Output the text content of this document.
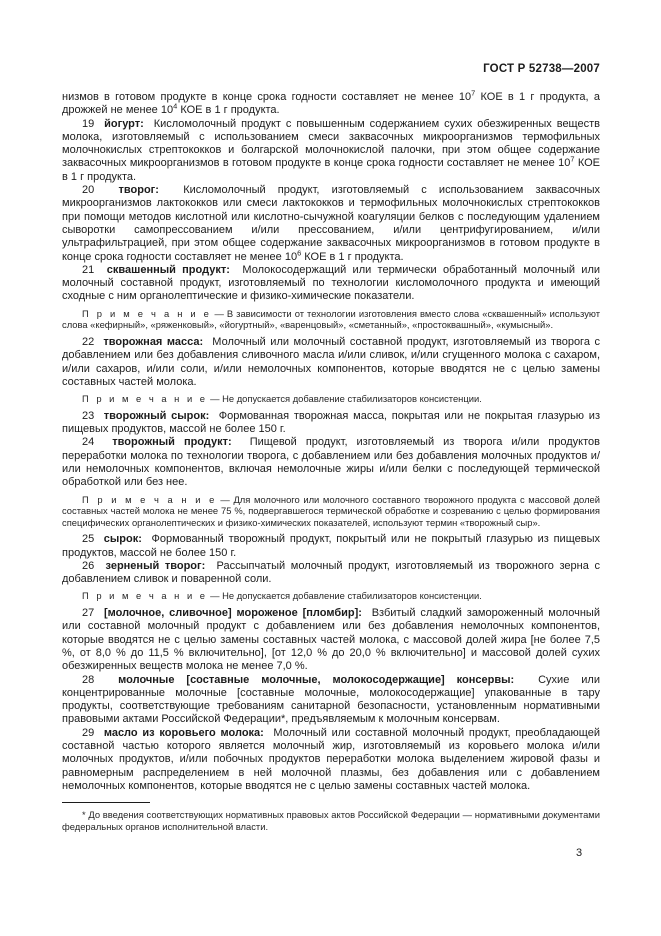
ГОСТ Р 52738—2007

низмов в готовом продукте в конце срока годности составляет не менее $10^7$ КОЕ в 1 г продукта, а дрожжей не менее $10^4$ КОЕ в 1 г продукта.

19  йогурт:  Кисломолочный продукт с повышенным содержанием сухих обезжиренных веществ молока, изготовляемый с использованием смеси заквасочных микроорганизмов термофильных молочнокислых стрептококков и болгарской молочнокислой палочки, при этом общее содержание заквасочных микроорганизмов в готовом продукте в конце срока годности составляет не менее $10^7$ КОЕ в 1 г продукта.

20  творог:  Кисломолочный продукт, изготовляемый с использованием заквасочных микроорганизмов лактококков или смеси лактококков и термофильных молочнокислых стрептококков при помощи методов кислотной или кислотно-сычужной коагуляции белков с последующим удалением сыворотки самопрессованием и/или прессованием, и/или центрифугированием, и/или ультрафильтрацией, при этом общее содержание заквасочных микроорганизмов в готовом продукте в конце срока годности составляет не менее $10^6$ КОЕ в 1 г продукта.

21  сквашенный продукт:  Молокосодержащий или термически обработанный молочный или молочный составной продукт, изготовляемый по технологии кисломолочного продукта и имеющий сходные с ним органолептические и физико-химические показатели.

П р и м е ч а н и е — В зависимости от технологии изготовления вместо слова «сквашенный» используют слова «кефирный», «ряженковый», «йогуртный», «варенцовый», «сметанный», «простоквашный», «кумысный».

22  творожная масса:  Молочный или молочный составной продукт, изготовляемый из творога с добавлением или без добавления сливочного масла и/или сливок, и/или сгущенного молока с сахаром, и/или сахаров, и/или соли, и/или немолочных компонентов, которые вводятся не с целью замены составных частей молока.

П р и м е ч а н и е — Не допускается добавление стабилизаторов консистенции.

23  творожный сырок:  Формованная творожная масса, покрытая или не покрытая глазурью из пищевых продуктов, массой не более 150 г.

24  творожный продукт:  Пищевой продукт, изготовляемый из творога и/или продуктов переработки молока по технологии творога, с добавлением или без добавления молочных продуктов и/или немолочных компонентов, включая немолочные жиры и/или белки с последующей термической обработкой или без нее.

П р и м е ч а н и е — Для молочного или молочного составного творожного продукта с массовой долей составных частей молока не менее 75 %, подвергавшегося термической обработке и созреванию с целью формирования специфических органолептических и физико-химических показателей, используют термин «творожный сыр».

25  сырок:  Формованный творожный продукт, покрытый или не покрытый глазурью из пищевых продуктов, массой не более 150 г.

26  зерненый творог:  Рассыпчатый молочный продукт, изготовляемый из творожного зерна с добавлением сливок и поваренной соли.

П р и м е ч а н и е — Не допускается добавление стабилизаторов консистенции.

27  [молочное, сливочное] мороженое [пломбир]:  Взбитый сладкий замороженный молочный или составной молочный продукт с добавлением или без добавления немолочных компонентов, которые вводятся не с целью замены составных частей молока, с массовой долей жира [не более 7,5 %, от 8,0 % до 11,5 % включительно], [от 12,0 % до 20,0 % включительно] и массовой долей сухих обезжиренных веществ молока не менее 7,0 %.

28  молочные [составные молочные, молокосодержащие] консервы:  Сухие или концентрированные молочные [составные молочные, молокосодержащие] упакованные в тару продукты, соответствующие требованиям санитарной безопасности, установленным нормативными правовыми актами Российской Федерации*, предъявляемым к молочным консервам.

29  масло из коровьего молока:  Молочный или составной молочный продукт, преобладающей составной частью которого является молочный жир, изготовляемый из коровьего молока и/или молочных продуктов, и/или побочных продуктов переработки молока выделением жировой фазы и равномерным распределением в ней молочной плазмы, без добавления или с добавлением немолочных компонентов, которые вводятся не с целью замены составных частей молока.

* До введения соответствующих нормативных правовых актов Российской Федерации — нормативными документами федеральных органов исполнительной власти.

3
